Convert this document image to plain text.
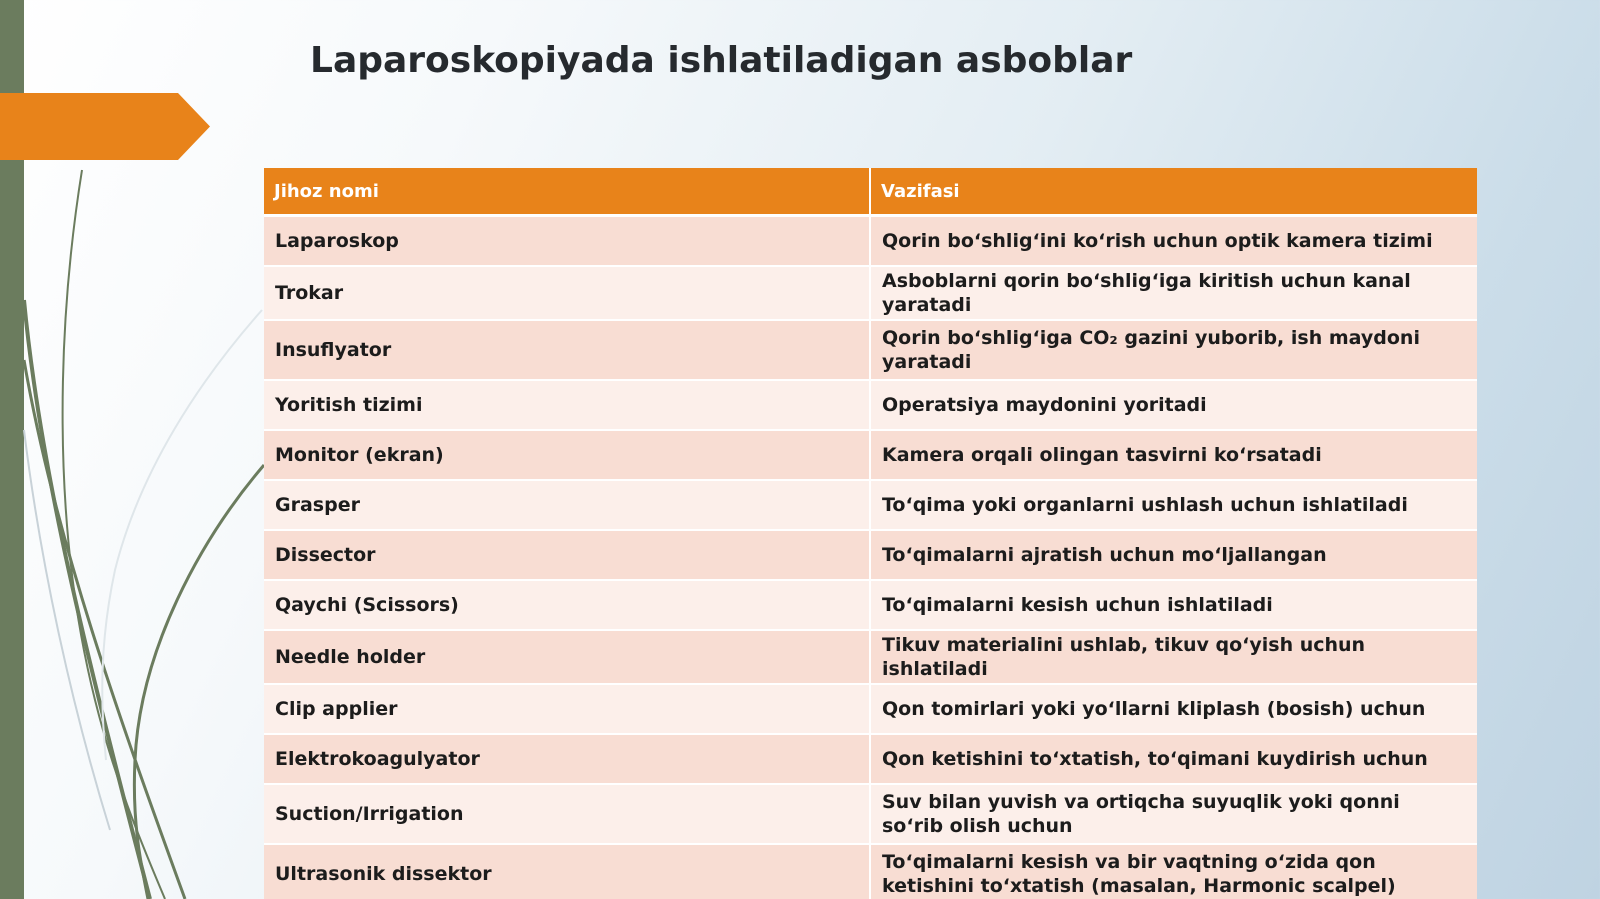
Laparoskopiyada ishlatiladigan asboblar
Jihoz nomi	Vazifasi
Laparoskop	Qorin bo‘shlig‘ini ko‘rish uchun optik kamera tizimi
Trokar	Asboblarni qorin bo‘shlig‘iga kiritish uchun kanal yaratadi
Insuflyator	Qorin bo‘shlig‘iga CO₂ gazini yuborib, ish maydoni yaratadi
Yoritish tizimi	Operatsiya maydonini yoritadi
Monitor (ekran)	Kamera orqali olingan tasvirni ko‘rsatadi
Grasper	To‘qima yoki organlarni ushlash uchun ishlatiladi
Dissector	To‘qimalarni ajratish uchun mo‘ljallangan
Qaychi (Scissors)	To‘qimalarni kesish uchun ishlatiladi
Needle holder	Tikuv materialini ushlab, tikuv qo‘yish uchun ishlatiladi
Clip applier	Qon tomirlari yoki yo‘llarni kliplash (bosish) uchun
Elektrokoagulyator	Qon ketishini to‘xtatish, to‘qimani kuydirish uchun
Suction/Irrigation	Suv bilan yuvish va ortiqcha suyuqlik yoki qonni so‘rib olish uchun
Ultrasonik dissektor	To‘qimalarni kesish va bir vaqtning o‘zida qon ketishini to‘xtatish (masalan, Harmonic scalpel)
